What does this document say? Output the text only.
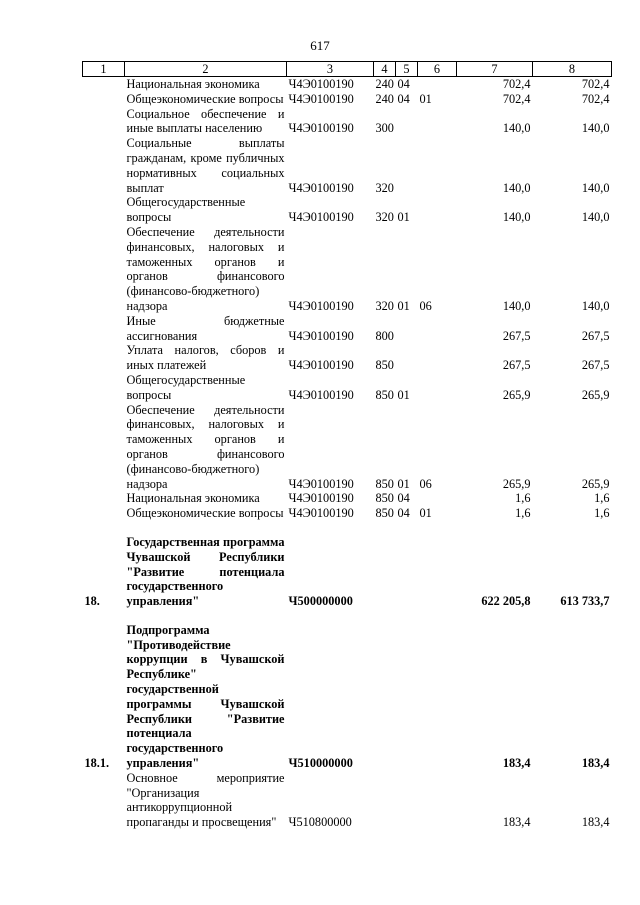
617
1	2	3	4	5	6	7	8
	Национальная экономика	Ч4Э0100190	240	04		702,4	702,4
	Общеэкономические вопросы	Ч4Э0100190	240	04	01	702,4	702,4
	Социальное обеспечение и иные выплаты населению	Ч4Э0100190	300			140,0	140,0
	Социальные выплаты гражданам, кроме публичных нормативных социальных выплат	Ч4Э0100190	320			140,0	140,0
	Общегосударственные вопросы	Ч4Э0100190	320	01		140,0	140,0
	Обеспечение деятельности финансовых, налоговых и таможенных органов и органов финансового (финансово-бюджетного) надзора	Ч4Э0100190	320	01	06	140,0	140,0
	Иные бюджетные ассигнования	Ч4Э0100190	800			267,5	267,5
	Уплата налогов, сборов и иных платежей	Ч4Э0100190	850			267,5	267,5
	Общегосударственные вопросы	Ч4Э0100190	850	01		265,9	265,9
	Обеспечение деятельности финансовых, налоговых и таможенных органов и органов финансового (финансово-бюджетного) надзора	Ч4Э0100190	850	01	06	265,9	265,9
	Национальная экономика	Ч4Э0100190	850	04		1,6	1,6
	Общеэкономические вопросы	Ч4Э0100190	850	04	01	1,6	1,6

18.	Государственная программа Чувашской Республики "Развитие потенциала государственного управления"	Ч500000000				622 205,8	613 733,7

18.1.	Подпрограмма "Противодействие коррупции в Чувашской Республике" государственной программы Чувашской Республики "Развитие потенциала государственного управления"	Ч510000000				183,4	183,4
	Основное мероприятие "Организация антикоррупционной пропаганды и просвещения"	Ч510800000				183,4	183,4
